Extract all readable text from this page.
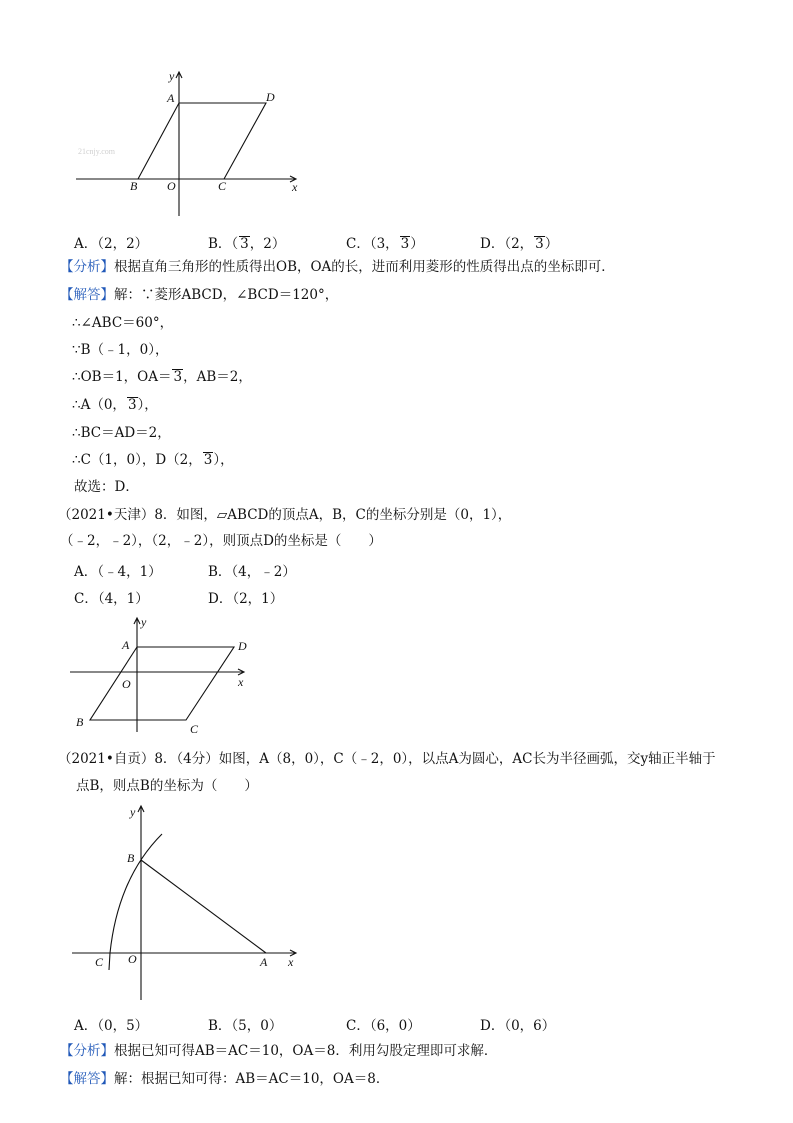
y
A	D
B O	C	x
21cnjy.com
A．（2，2）	B．（ 3，2）	C．（3， 3）	D．（2， 3）
【分析】根据直角三角形的性质得出OB，OA的长，进而利用菱形的性质得出点的坐标即可．
【解答】解：∵菱形ABCD，∠BCD＝120°，
∴∠ABC＝60°，
∵B（﹣1，0），
∴OB＝1，OA＝ 3，AB＝2，
∴A（0， 3），
∴BC＝AD＝2，
∴C（1，0），D（2， 3），
故选：D．
（2021•天津）8．如图，▱ABCD的顶点A，B，C的坐标分别是（0，1），
（﹣2，﹣2），（2，﹣2），则顶点D的坐标是（　　）
A．（﹣4，1）	B．（4，﹣2）
C．（4，1）	D．（2，1）
y
A	D
O	x
B	C
（2021•自贡）8．（4分）如图，A（8，0），C（﹣2，0），以点A为圆心，AC长为半径画弧，交y轴正半轴于
点B，则点B的坐标为（　　）
y
B
C O	A x
A．（0，5）	B．（5，0）	C．（6，0）	D．（0，6）
【分析】根据已知可得AB＝AC＝10，OA＝8．利用勾股定理即可求解．
【解答】解：根据已知可得：AB＝AC＝10，OA＝8．
